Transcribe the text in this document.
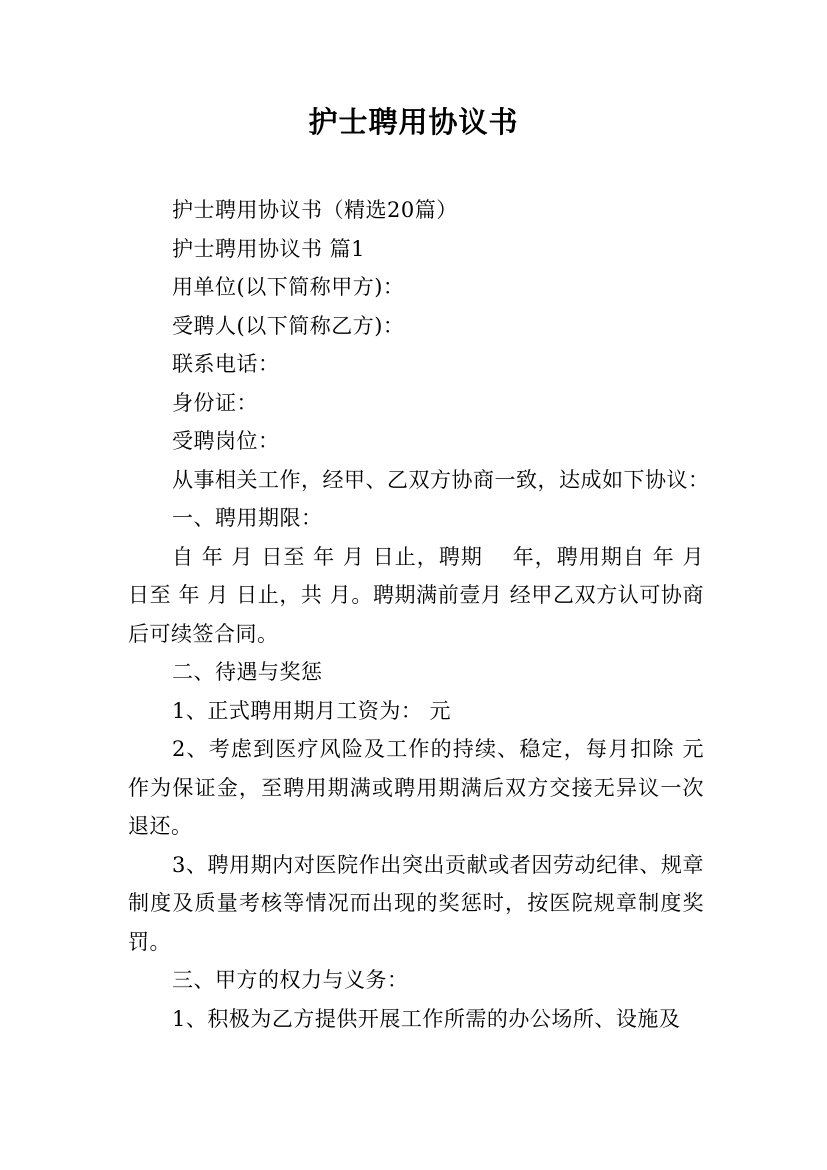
护士聘用协议书
护士聘用协议书（精选20篇）
护士聘用协议书 篇1
用单位(以下简称甲方)：
受聘人(以下简称乙方)：
联系电话：
身份证：
受聘岗位：
从事相关工作，经甲、乙双方协商一致，达成如下协议：
一、聘用期限：
自 年 月 日至 年 月 日止，聘期　 年，聘用期自 年 月 日至 年 月 日止，共 月。聘期满前壹月 经甲乙双方认可协商后可续签合同。
二、待遇与奖惩
1、正式聘用期月工资为： 元
2、考虑到医疗风险及工作的持续、稳定，每月扣除 元作为保证金，至聘用期满或聘用期满后双方交接无异议一次退还。
3、聘用期内对医院作出突出贡献或者因劳动纪律、规章制度及质量考核等情况而出现的奖惩时，按医院规章制度奖罚。
三、甲方的权力与义务：
1、积极为乙方提供开展工作所需的办公场所、设施及
